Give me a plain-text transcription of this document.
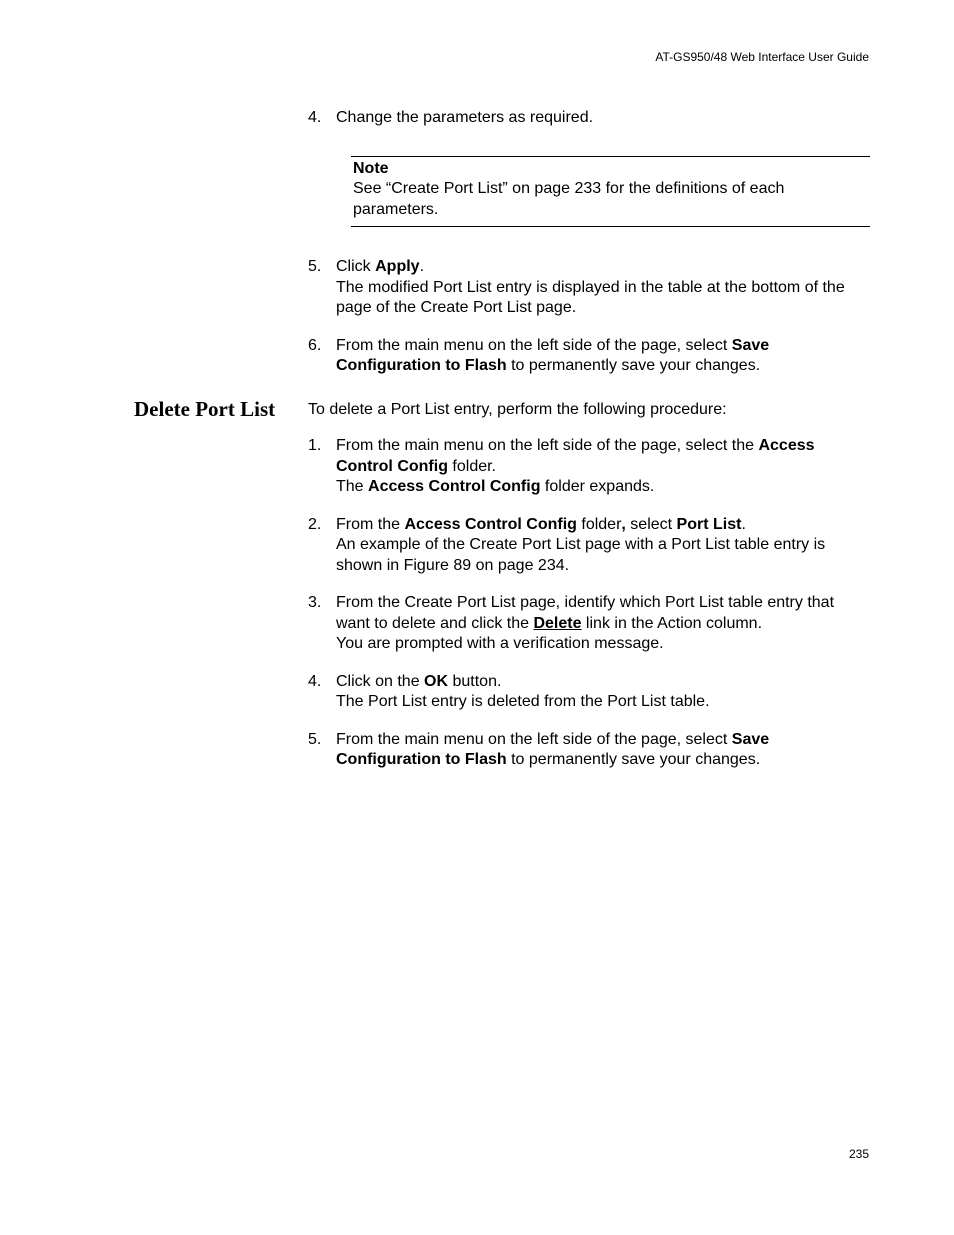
AT-GS950/48 Web Interface User Guide
4. Change the parameters as required.
Note
See “Create Port List” on page 233 for the definitions of each parameters.
5. Click Apply.
The modified Port List entry is displayed in the table at the bottom of the page of the Create Port List page.
6. From the main menu on the left side of the page, select Save Configuration to Flash to permanently save your changes.
Delete Port List To delete a Port List entry, perform the following procedure:
1. From the main menu on the left side of the page, select the Access Control Config folder.
The Access Control Config folder expands.
2. From the Access Control Config folder, select Port List.
An example of the Create Port List page with a Port List table entry is shown in Figure 89 on page 234.
3. From the Create Port List page, identify which Port List table entry that want to delete and click the Delete link in the Action column.
You are prompted with a verification message.
4. Click on the OK button.
The Port List entry is deleted from the Port List table.
5. From the main menu on the left side of the page, select Save Configuration to Flash to permanently save your changes.
235
